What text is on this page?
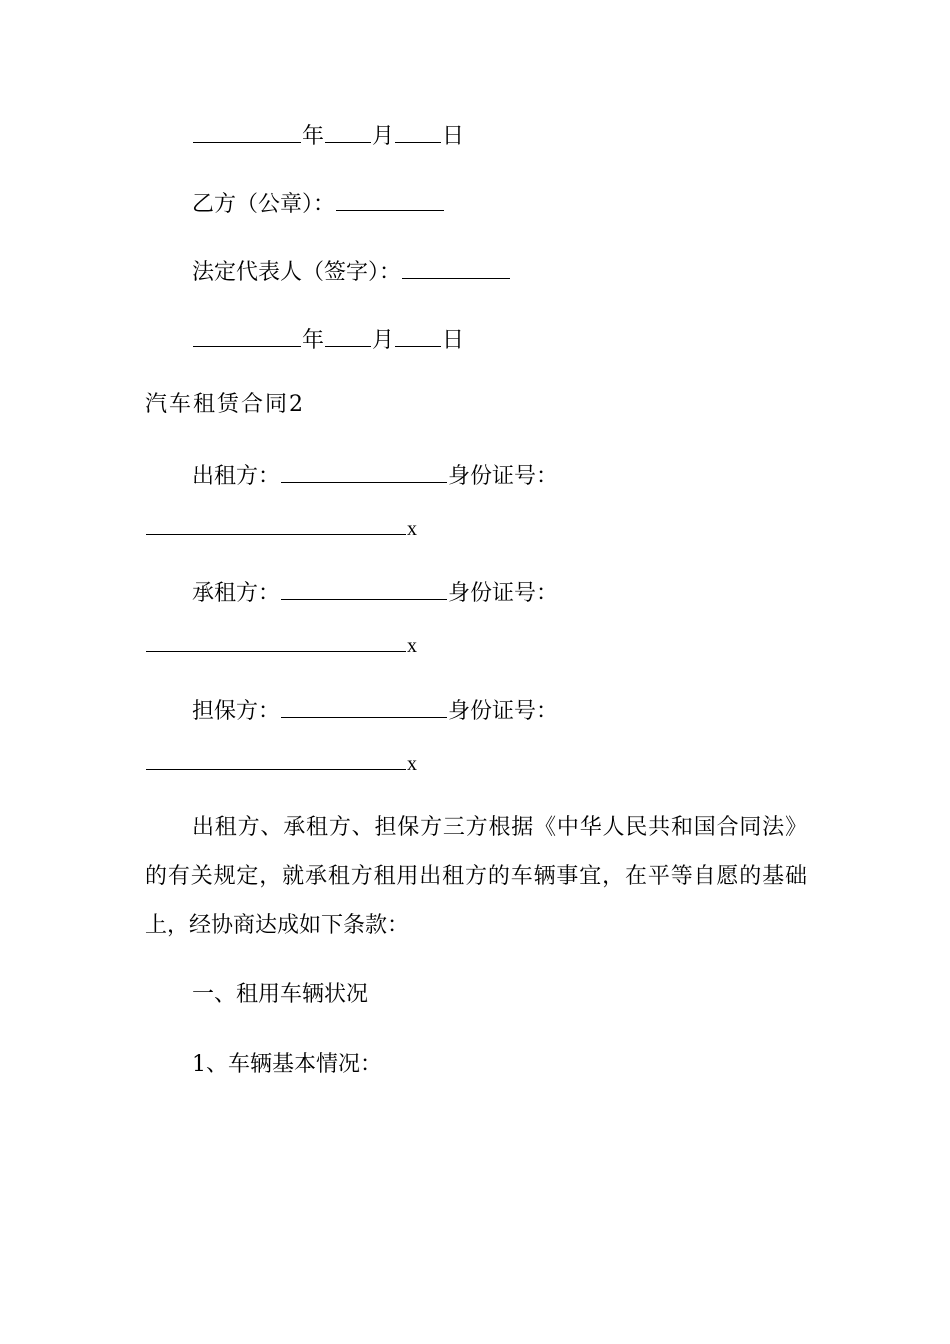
年 月 日
乙方（公章）：
法定代表人（签字）：
年 月 日
汽车租赁合同2
出租方：	身份证号：
x
承租方：	身份证号：
x
担保方：	身份证号：
x
出租方、承租方、担保方三方根据《中华人民共和国合同法》的有关规定，就承租方租用出租方的车辆事宜，在平等自愿的基础上，经协商达成如下条款：
一、租用车辆状况
1、车辆基本情况：
